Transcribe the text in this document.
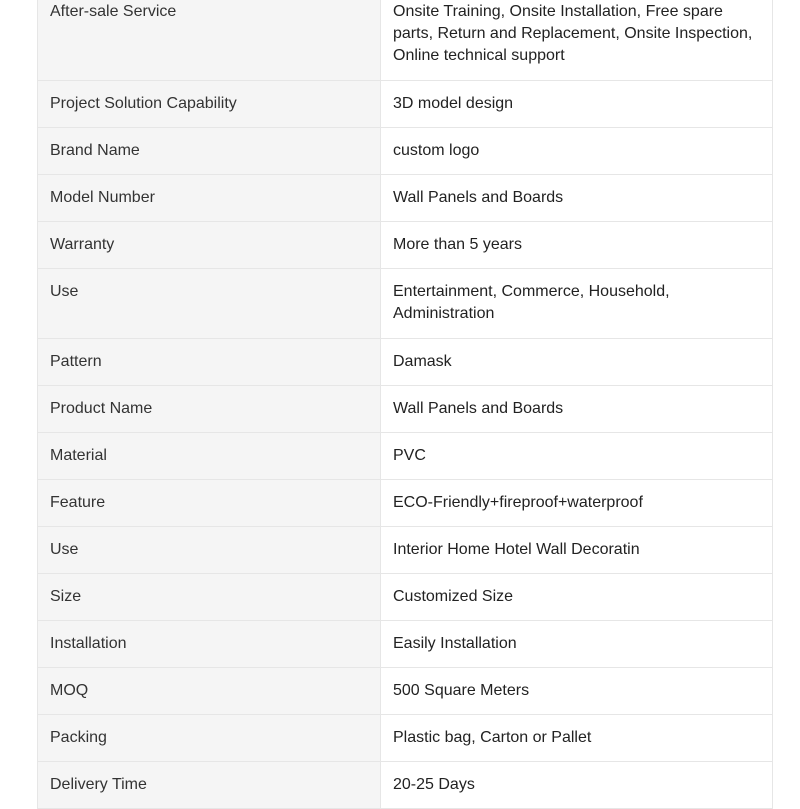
After-sale Service	Onsite Training, Onsite Installation, Free spare parts, Return and Replacement, Onsite Inspection, Online technical support
Project Solution Capability	3D model design
Brand Name	custom logo
Model Number	Wall Panels and Boards
Warranty	More than 5 years
Use	Entertainment, Commerce, Household, Administration
Pattern	Damask
Product Name	Wall Panels and Boards
Material	PVC
Feature	ECO-Friendly+fireproof+waterproof
Use	Interior Home Hotel Wall Decoratin
Size	Customized Size
Installation	Easily Installation
MOQ	500 Square Meters
Packing	Plastic bag, Carton or Pallet
Delivery Time	20-25 Days
